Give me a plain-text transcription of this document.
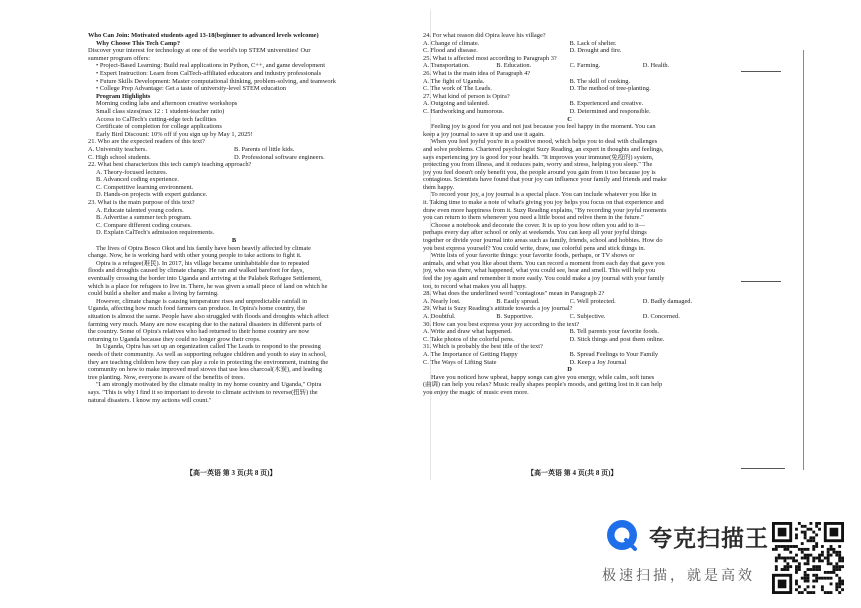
Who Can Join: Motivated students aged 13-18(beginner to advanced levels welcome)
Why Choose This Tech Camp?
Discover your interest for technology at one of the world's top STEM universities! Our
summer program offers:
• Project-Based Learning: Build real applications in Python, C++, and game development
• Expert Instruction: Learn from CalTech-affiliated educators and industry professionals
• Future Skills Development: Master computational thinking, problem-solving, and teamwork
• College Prep Advantage: Get a taste of university-level STEM education
Program Highlights
Morning coding labs and afternoon creative workshops
Small class sizes(max 12 : 1 student-teacher ratio)
Access to CalTech's cutting-edge tech facilities
Certificate of completion for college applications
Early Bird Discount: 10% off if you sign up by May 1, 2025!
21. Who are the expected readers of this text?
A. University teachers.	B. Parents of little kids.
C. High school students.	D. Professional software engineers.
22. What best characterizes this tech camp's teaching approach?
A. Theory-focused lectures.
B. Advanced coding experience.
C. Competitive learning environment.
D. Hands-on projects with expert guidance.
23. What is the main purpose of this text?
A. Educate talented young coders.
B. Advertise a summer tech program.
C. Compare different coding courses.
D. Explain CalTech's admission requirements.
B
The lives of Opira Bosco Okot and his family have been heavily affected by climate
change. Now, he is working hard with other young people to take actions to fight it.
Opira is a refugee(难民). In 2017, his village became uninhabitable due to repeated
floods and droughts caused by climate change. He ran and walked barefoot for days,
eventually crossing the border into Uganda and arriving at the Palabek Refugee Settlement,
which is a place for refugees to live in. There, he was given a small piece of land on which he
could build a shelter and make a living by farming.
However, climate change is causing temperature rises and unpredictable rainfall in
Uganda, affecting how much food farmers can produce. In Opira's home country, the
situation is almost the same. People have also struggled with floods and droughts which affect
farming very much. Many are now escaping due to the natural disasters in different parts of
the country. Some of Opira's relatives who had returned to their home country are now
returning to Uganda because they could no longer grow their crops.
In Uganda, Opira has set up an organization called The Leads to respond to the pressing
needs of their community. As well as supporting refugee children and youth to stay in school,
they are teaching children how they can play a role in protecting the environment, training the
community on how to make improved mud stoves that use less charcoal(木炭), and leading
tree planting. Now, everyone is aware of the benefits of trees.
"I am strongly motivated by the climate reality in my home country and Uganda," Opira
says. "This is why I find it so important to devote to climate activism to reverse(扭转) the
natural disasters. I know my actions will count."
24. For what reason did Opira leave his village?
A. Change of climate.	B. Lack of shelter.
C. Flood and disease.	D. Drought and fire.
25. What is affected most according to Paragraph 3?
A. Transportation.	B. Education.	C. Farming.	D. Health.
26. What is the main idea of Paragraph 4?
A. The fight of Uganda.	B. The skill of cooking.
C. The work of The Leads.	D. The method of tree-planting.
27. What kind of person is Opira?
A. Outgoing and talented.	B. Experienced and creative.
C. Hardworking and humorous.	D. Determined and responsible.
C
Feeling joy is good for you and not just because you feel happy in the moment. You can
keep a joy journal to save it up and use it again.
When you feel joyful you're in a positive mood, which helps you to deal with challenges
and solve problems. Chartered psychologist Suzy Reading, an expert in thoughts and feelings,
says experiencing joy is good for your health. "It improves your immune(免疫的) system,
protecting you from illness, and it reduces pain, worry and stress, helping you sleep." The
joy you feel doesn't only benefit you, the people around you gain from it too because joy is
contagious. Scientists have found that your joy can influence your family and friends and make
them happy.
To record your joy, a joy journal is a special place. You can include whatever you like in
it. Taking time to make a note of what's giving you joy helps you focus on that experience and
draw even more happiness from it. Suzy Reading explains, "By recording your joyful moments
you can return to them whenever you need a little boost and relive them in the future."
Choose a notebook and decorate the cover. It is up to you how often you add to it—
perhaps every day after school or only at weekends. You can keep all your joyful things
together or divide your journal into areas such as family, friends, school and hobbies. How do
you best express yourself? You could write, draw, use colorful pens and stick things in.
Write lists of your favorite things: your favorite foods, perhaps, or TV shows or
animals, and what you like about them. You can record a moment from each day that gave you
joy, who was there, what happened, what you could see, hear and smell. This will help you
feel the joy again and remember it more easily. You could make a joy journal with your family
too, to record what makes you all happy.
28. What does the underlined word "contagious" mean in Paragraph 2?
A. Nearly lost.	B. Easily spread.	C. Well protected.	D. Badly damaged.
29. What is Suzy Reading's attitude towards a joy journal?
A. Doubtful.	B. Supportive.	C. Subjective.	D. Concerned.
30. How can you best express your joy according to the text?
A. Write and draw what happened.	B. Tell parents your favorite foods.
C. Take photos of the colorful pens.	D. Stick things and post them online.
31. Which is probably the best title of the text?
A. The Importance of Getting Happy	B. Spread Feelings to Your Family
C. The Ways of Lifting State	D. Keep a Joy Journal
D
Have you noticed how upbeat, happy songs can give you energy, while calm, soft tunes
(曲调) can help you relax? Music really shapes people's moods, and getting lost in it can help
you enjoy the magic of music even more.
【高一英语 第 3 页(共 8 页)】	【高一英语 第 4 页(共 8 页)】
夸克扫描王
极速扫描，就是高效
